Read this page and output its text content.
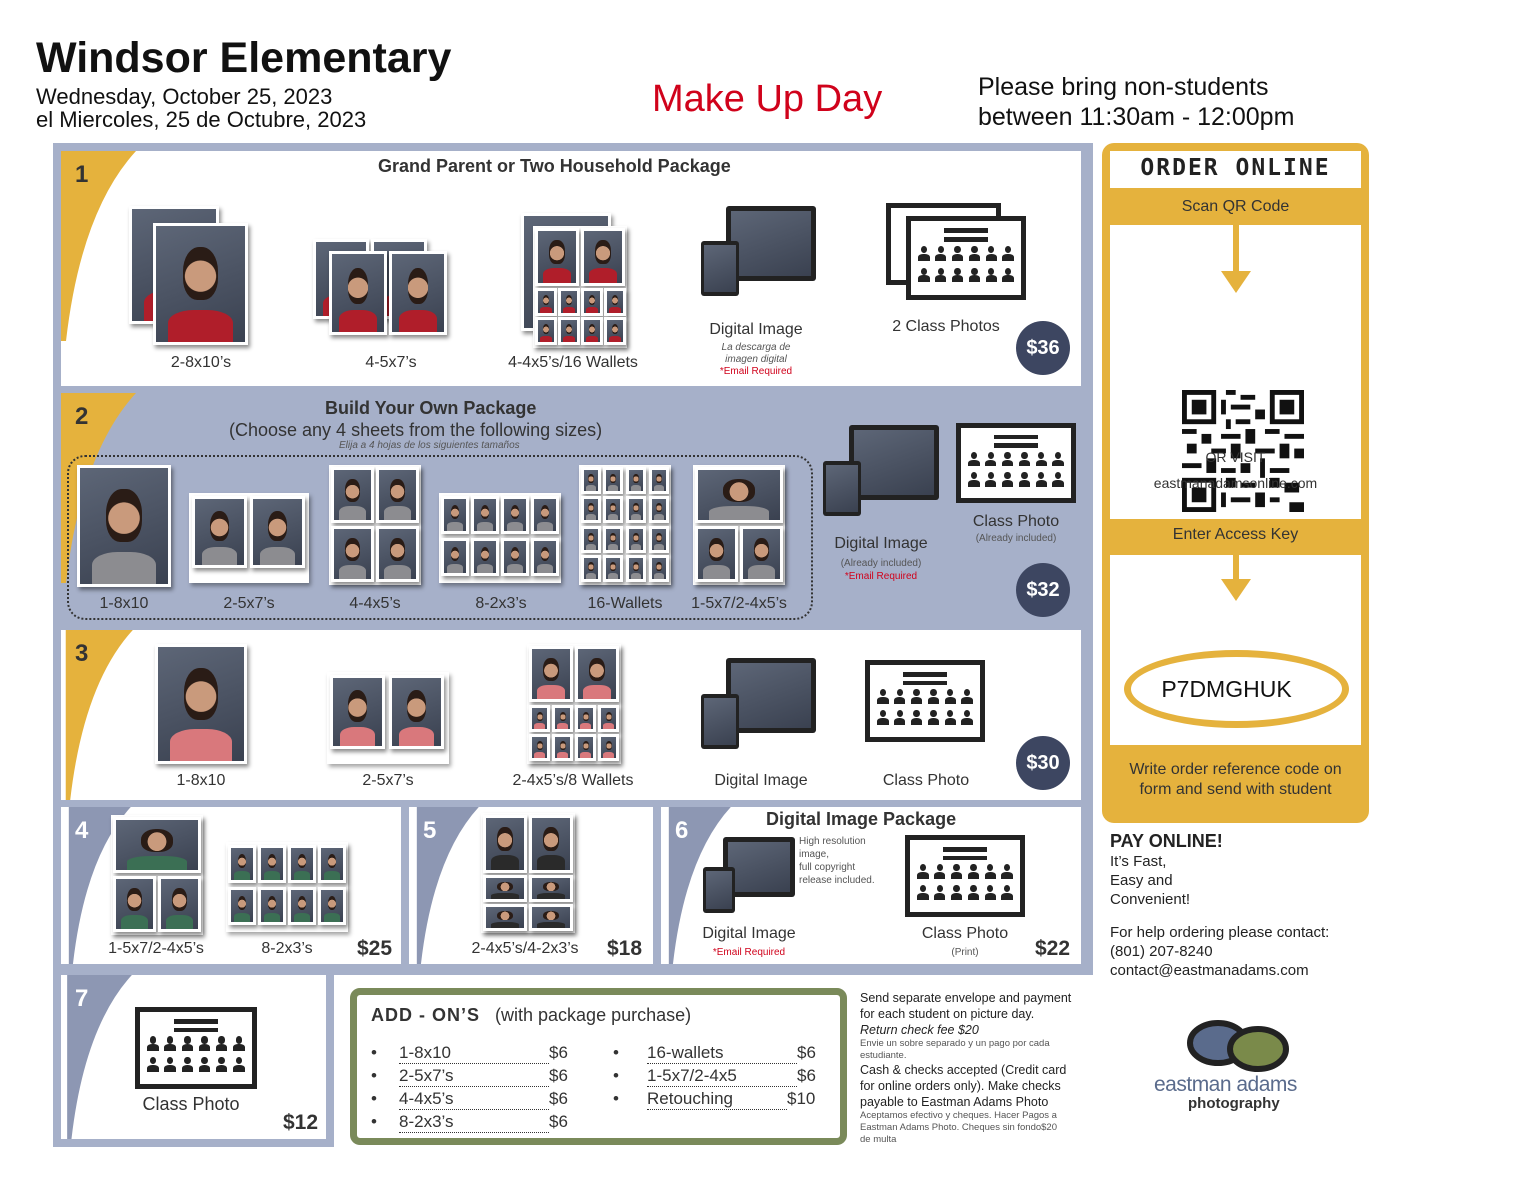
Windsor Elementary
Wednesday, October 25, 2023
el Miercoles, 25 de Octubre, 2023	Make Up Day	Please bring non-students
between 11:30am - 12:00pm
1	Grand Parent or Two Household Package
2-8x10’s	4-5x7’s	4-4x5’s/16 Wallets
Digital Image
La descarga de
imagen digital
*Email Required
2 Class Photos
$36
2	Build Your Own Package
(Choose any 4 sheets from the following sizes)
Elija a 4 hojas de los siguientes tamaños
1-8x10	2-5x7’s	4-4x5’s	8-2x3’s	16-Wallets	1-5x7/2-4x5’s
Digital Image
(Already included)
*Email Required
Class Photo
(Already included)
$32
3
1-8x10	2-5x7’s	2-4x5’s/8 Wallets	Digital Image	Class Photo
$30
4
1-5x7/2-4x5’s	8-2x3’s	$25
5
2-4x5’s/4-2x3’s	$18
6	Digital Image Package
High resolution
image,
full copyright
release included.
Digital Image
*Email Required
Class Photo
(Print)	$22
7
Class Photo
$12
ORDER ONLINE
Scan QR Code
OR VISIT
eastmanadamsonline.com
Enter Access Key
P7DMGHUK
Write order reference code on
form and send with student
PAY ONLINE!
It’s Fast,
Easy and
Convenient!
For help ordering please contact:
(801) 207-8240
contact@eastmanadams.com
ADD - ON’S (with package purchase)
• 1-8x10	$6
• 2-5x7’s	$6
• 4-4x5’s	$6
• 8-2x3’s	$6
• 16-wallets	$6
• 1-5x7/2-4x5	$6
• Retouching	$10
Send separate envelope and payment
for each student on picture day.
Return check fee $20
Envie un sobre separado y un pago por cada
estudiante.
Cash & checks accepted (Credit card
for online orders only). Make checks
payable to Eastman Adams Photo
Aceptamos efectivo y cheques. Hacer Pagos a
Eastman Adams Photo. Cheques sin fondo$20
de multa
eastman adams
photography
